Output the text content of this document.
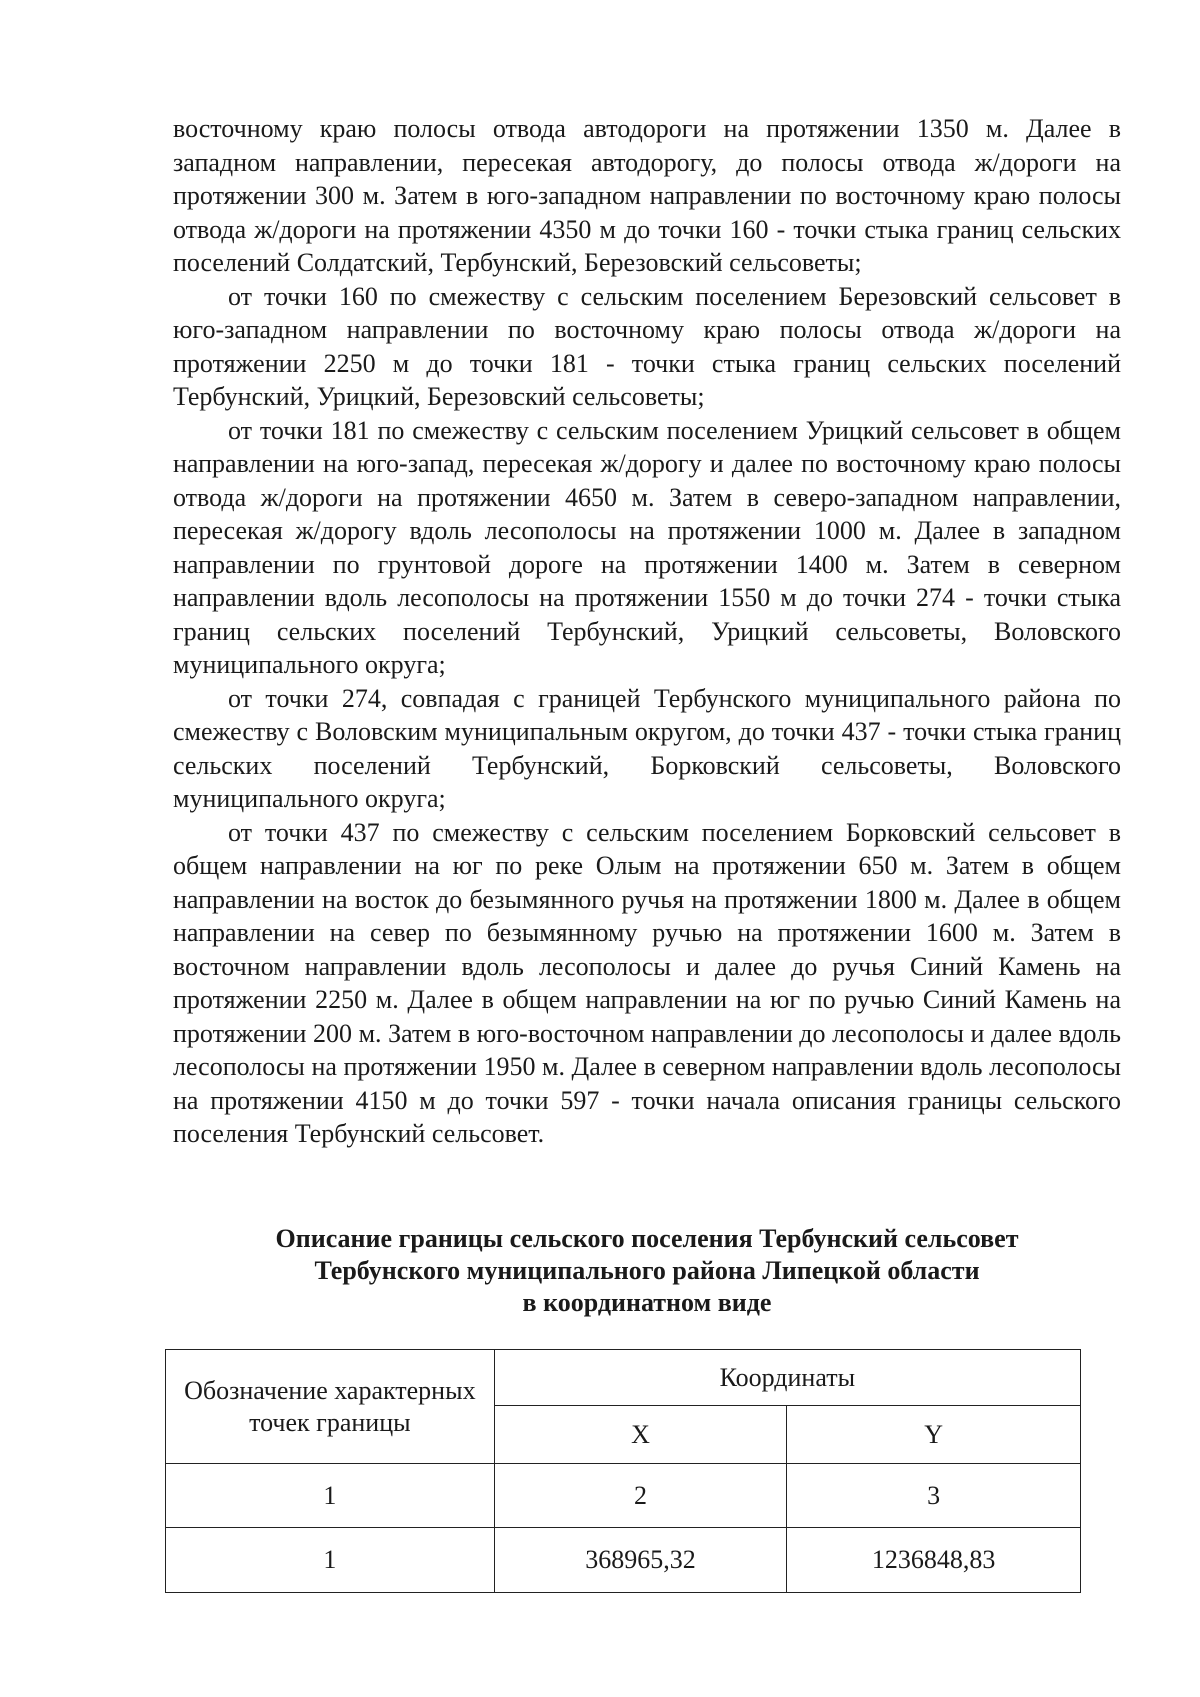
восточному краю полосы отвода автодороги на протяжении 1350 м. Далее в западном направлении, пересекая автодорогу, до полосы отвода ж/дороги на протяжении 300 м. Затем в юго-западном направлении по восточному краю полосы отвода ж/дороги на протяжении 4350 м до точки 160 - точки стыка границ сельских поселений Солдатский, Тербунский, Березовский сельсоветы;

от точки 160 по смежеству с сельским поселением Березовский сельсовет в юго-западном направлении по восточному краю полосы отвода ж/дороги на протяжении 2250 м до точки 181 - точки стыка границ сельских поселений Тербунский, Урицкий, Березовский сельсоветы;

от точки 181 по смежеству с сельским поселением Урицкий сельсовет в общем направлении на юго-запад, пересекая ж/дорогу и далее по восточному краю полосы отвода ж/дороги на протяжении 4650 м. Затем в северо-западном направлении, пересекая ж/дорогу вдоль лесополосы на протяжении 1000 м. Далее в западном направлении по грунтовой дороге на протяжении 1400 м. Затем в северном направлении вдоль лесополосы на протяжении 1550 м до точки 274 - точки стыка границ сельских поселений Тербунский, Урицкий сельсоветы, Воловского муниципального округа;

от точки 274, совпадая с границей Тербунского муниципального района по смежеству с Воловским муниципальным округом, до точки 437 - точки стыка границ сельских поселений Тербунский, Борковский сельсоветы, Воловского муниципального округа;

от точки 437 по смежеству с сельским поселением Борковский сельсовет в общем направлении на юг по реке Олым на протяжении 650 м. Затем в общем направлении на восток до безымянного ручья на протяжении 1800 м. Далее в общем направлении на север по безымянному ручью на протяжении 1600 м. Затем в восточном направлении вдоль лесополосы и далее до ручья Синий Камень на протяжении 2250 м. Далее в общем направлении на юг по ручью Синий Камень на протяжении 200 м. Затем в юго-восточном направлении до лесополосы и далее вдоль лесополосы на протяжении 1950 м. Далее в северном направлении вдоль лесополосы на протяжении 4150 м до точки 597 - точки начала описания границы сельского поселения Тербунский сельсовет.

Описание границы сельского поселения Тербунский сельсовет
Тербунского муниципального района Липецкой области
в координатном виде
Обозначение характерных точек границы	Координаты	
	X	Y
1	2	3
1	368965,32	1236848,83
